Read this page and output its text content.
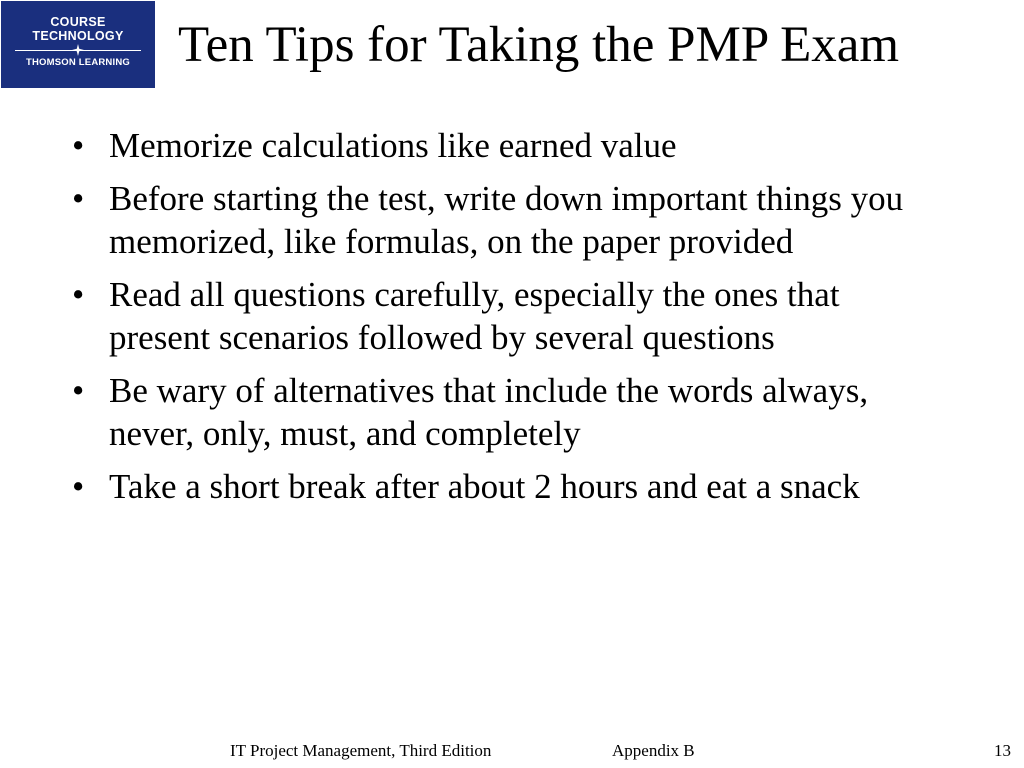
COURSE
TECHNOLOGY
THOMSON LEARNING Ten Tips for Taking the PMP Exam
• Memorize calculations like earned value
• Before starting the test, write down important things you memorized, like formulas, on the paper provided
• Read all questions carefully, especially the ones that present scenarios followed by several questions
• Be wary of alternatives that include the words always, never, only, must, and completely
• Take a short break after about 2 hours and eat a snack
IT Project Management, Third Edition	Appendix B	13
